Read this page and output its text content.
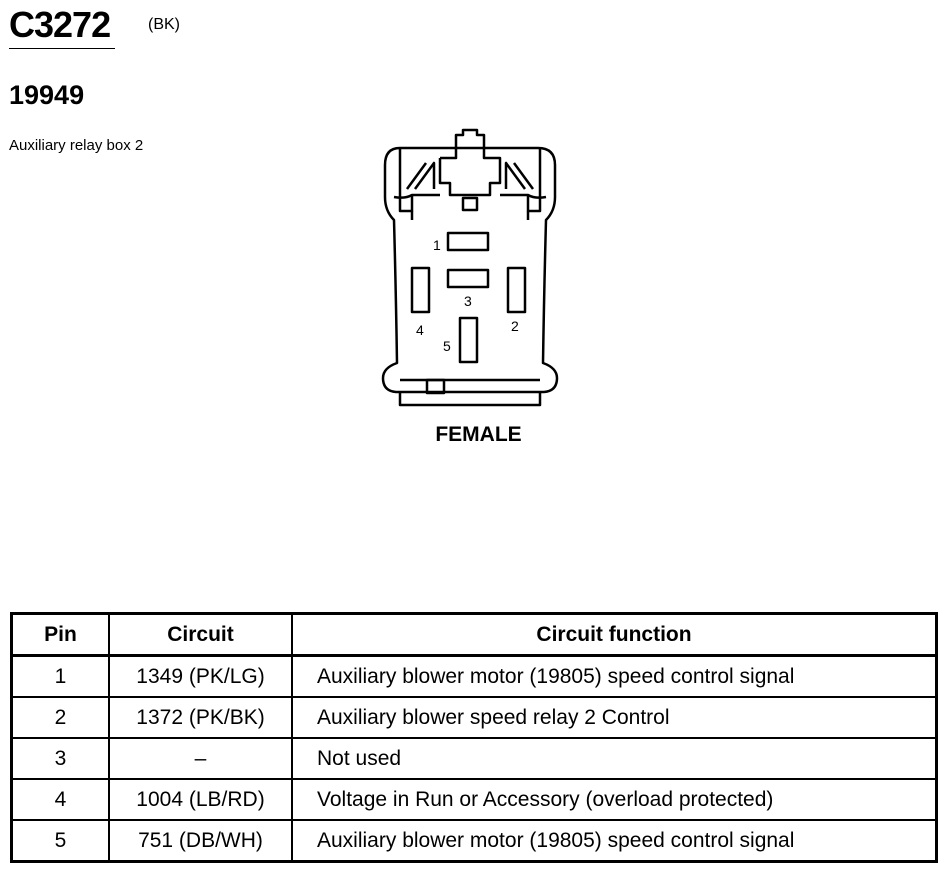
C3272 (BK)
19949
Auxiliary relay box 2
1
3
4	2
5
FEMALE
Pin	Circuit	Circuit function
1	1349 (PK/LG)	Auxiliary blower motor (19805) speed control signal
2	1372 (PK/BK)	Auxiliary blower speed relay 2 Control
3	–	Not used
4	1004 (LB/RD)	Voltage in Run or Accessory (overload protected)
5	751 (DB/WH)	Auxiliary blower motor (19805) speed control signal
